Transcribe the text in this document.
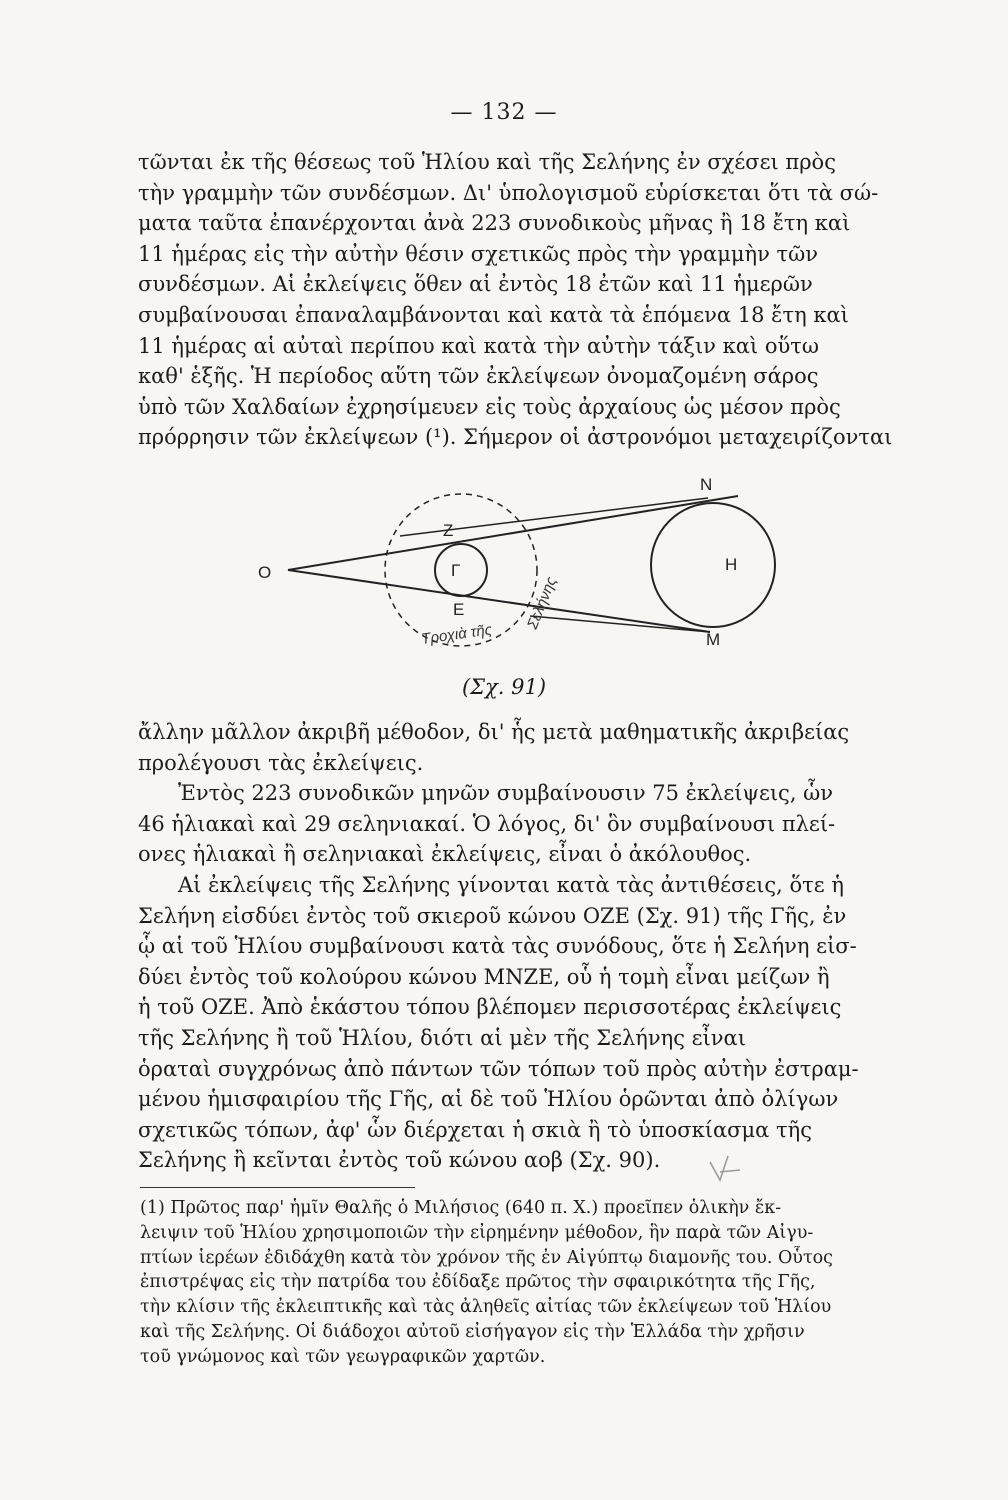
— 132 —
τῶνται ἐκ τῆς θέσεως τοῦ Ἡλίου καὶ τῆς Σελήνης ἐν σχέσει πρὸς
τὴν γραμμὴν τῶν συνδέσμων. Δι' ὑπολογισμοῦ εὑρίσκεται ὅτι τὰ σώ-
ματα ταῦτα ἐπανέρχονται ἀνὰ 223 συνοδικοὺς μῆνας ἢ 18 ἔτη καὶ
11 ἡμέρας εἰς τὴν αὐτὴν θέσιν σχετικῶς πρὸς τὴν γραμμὴν τῶν
συνδέσμων. Αἱ ἐκλείψεις ὅθεν αἱ ἐντὸς 18 ἐτῶν καὶ 11 ἡμερῶν
συμβαίνουσαι ἐπαναλαμβάνονται καὶ κατὰ τὰ ἑπόμενα 18 ἔτη καὶ
11 ἡμέρας αἱ αὐταὶ περίπου καὶ κατὰ τὴν αὐτὴν τάξιν καὶ οὕτω
καθ' ἑξῆς. Ἡ περίοδος αὕτη τῶν ἐκλείψεων ὀνομαζομένη σάρος
ὑπὸ τῶν Χαλδαίων ἐχρησίμευεν εἰς τοὺς ἀρχαίους ὡς μέσον πρὸς
πρόρρησιν τῶν ἐκλείψεων (¹). Σήμερον οἱ ἀστρονόμοι μεταχειρίζονται
O
Z
Γ
E
N
H
M
Τροχιὰ τῆς
Σελήνης
(Σχ. 91)
ἄλλην μᾶλλον ἀκριβῆ μέθοδον, δι' ἧς μετὰ μαθηματικῆς ἀκριβείας
προλέγουσι τὰς ἐκλείψεις.
Ἐντὸς 223 συνοδικῶν μηνῶν συμβαίνουσιν 75 ἐκλείψεις, ὧν
46 ἡλιακαὶ καὶ 29 σεληνιακαί. Ὁ λόγος, δι' ὃν συμβαίνουσι πλεί-
ονες ἡλιακαὶ ἢ σεληνιακαὶ ἐκλείψεις, εἶναι ὁ ἀκόλουθος.
Αἱ ἐκλείψεις τῆς Σελήνης γίνονται κατὰ τὰς ἀντιθέσεις, ὅτε ἡ
Σελήνη εἰσδύει ἐντὸς τοῦ σκιεροῦ κώνου ΟΖΕ (Σχ. 91) τῆς Γῆς, ἐν
ᾧ αἱ τοῦ Ἡλίου συμβαίνουσι κατὰ τὰς συνόδους, ὅτε ἡ Σελήνη εἰσ-
δύει ἐντὸς τοῦ κολούρου κώνου ΜΝΖΕ, οὗ ἡ τομὴ εἶναι μείζων ἢ
ἡ τοῦ ΟΖΕ. Ἀπὸ ἑκάστου τόπου βλέπομεν περισσοτέρας ἐκλείψεις
τῆς Σελήνης ἢ τοῦ Ἡλίου, διότι αἱ μὲν τῆς Σελήνης εἶναι
ὁραταὶ συγχρόνως ἀπὸ πάντων τῶν τόπων τοῦ πρὸς αὐτὴν ἐστραμ-
μένου ἡμισφαιρίου τῆς Γῆς, αἱ δὲ τοῦ Ἡλίου ὁρῶνται ἀπὸ ὀλίγων
σχετικῶς τόπων, ἀφ' ὧν διέρχεται ἡ σκιὰ ἢ τὸ ὑποσκίασμα τῆς
Σελήνης ἢ κεῖνται ἐντὸς τοῦ κώνου αοβ (Σχ. 90).
(1) Πρῶτος παρ' ἡμῖν Θαλῆς ὁ Μιλήσιος (640 π. Χ.) προεῖπεν ὁλικὴν ἔκ-
λειψιν τοῦ Ἡλίου χρησιμοποιῶν τὴν εἰρημένην μέθοδον, ἣν παρὰ τῶν Αἰγυ-
πτίων ἱερέων ἐδιδάχθη κατὰ τὸν χρόνον τῆς ἐν Αἰγύπτῳ διαμονῆς του. Οὗτος
ἐπιστρέψας εἰς τὴν πατρίδα του ἐδίδαξε πρῶτος τὴν σφαιρικότητα τῆς Γῆς,
τὴν κλίσιν τῆς ἐκλειπτικῆς καὶ τὰς ἀληθεῖς αἰτίας τῶν ἐκλείψεων τοῦ Ἡλίου
καὶ τῆς Σελήνης. Οἱ διάδοχοι αὐτοῦ εἰσήγαγον εἰς τὴν Ἑλλάδα τὴν χρῆσιν
τοῦ γνώμονος καὶ τῶν γεωγραφικῶν χαρτῶν.
